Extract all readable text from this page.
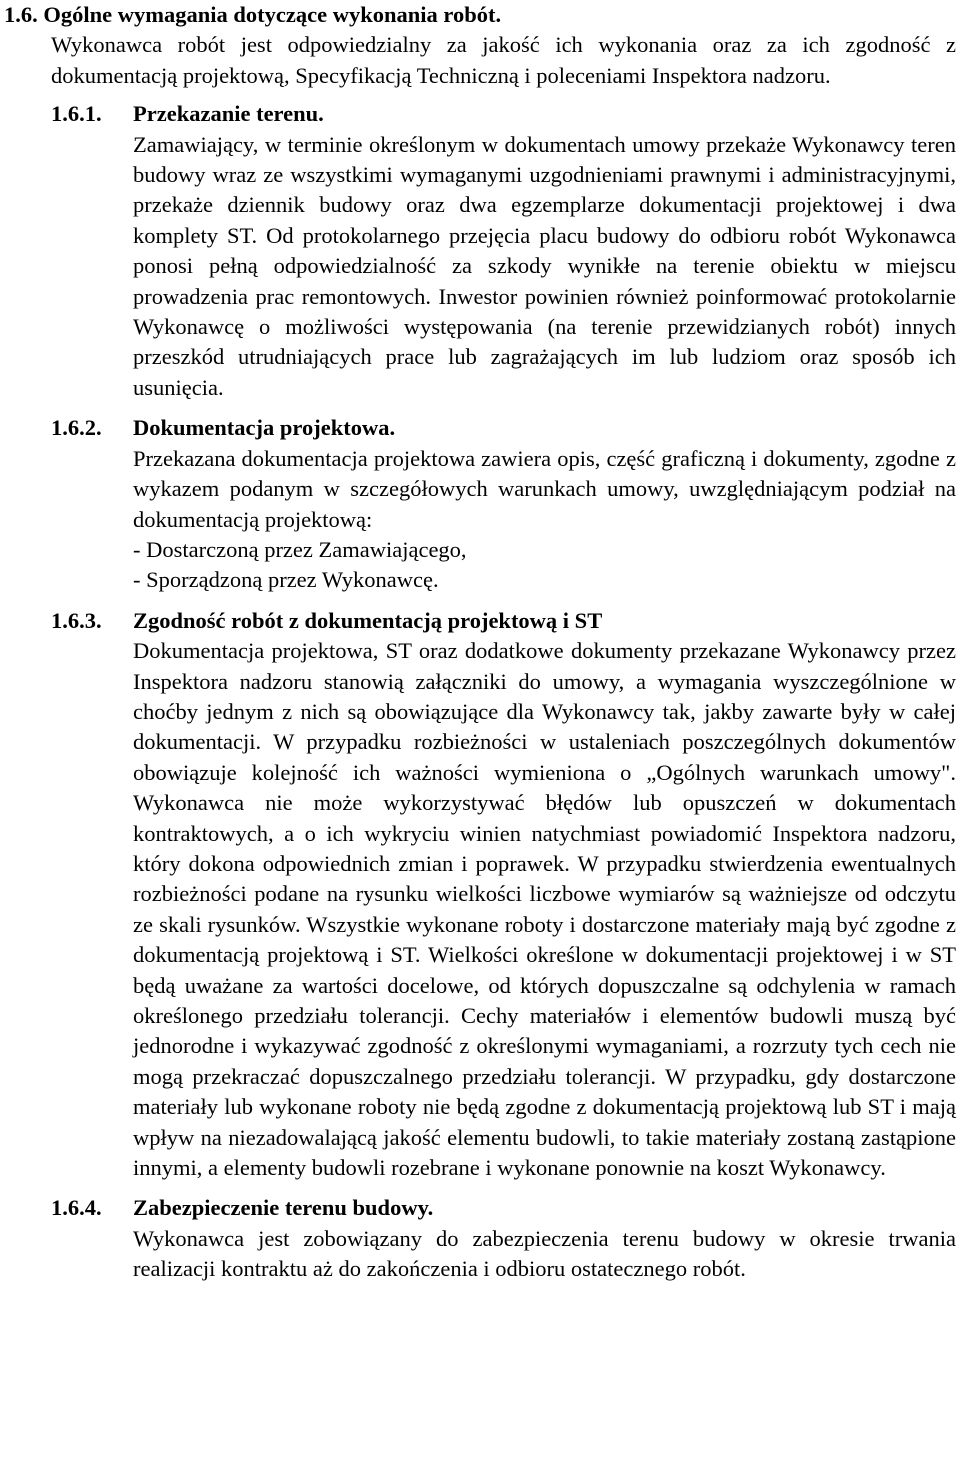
1.6. Ogólne wymagania dotyczące wykonania robót.

Wykonawca robót jest odpowiedzialny za jakość ich wykonania oraz za ich zgodność z dokumentacją projektową, Specyfikacją Techniczną i poleceniami Inspektora nadzoru.

1.6.1.	Przekazanie terenu.

Zamawiający, w terminie określonym w dokumentach umowy przekaże Wykonawcy teren budowy wraz ze wszystkimi wymaganymi uzgodnieniami prawnymi i administracyjnymi, przekaże dziennik budowy oraz dwa egzemplarze dokumentacji projektowej i dwa komplety ST. Od protokolarnego przejęcia placu budowy do odbioru robót Wykonawca ponosi pełną odpowiedzialność za szkody wynikłe na terenie obiektu w miejscu prowadzenia prac remontowych. Inwestor powinien również poinformować protokolarnie Wykonawcę o możliwości występowania (na terenie przewidzianych robót) innych przeszkód utrudniających prace lub zagrażających im lub ludziom oraz sposób ich usunięcia.

1.6.2.	Dokumentacja projektowa.

Przekazana dokumentacja projektowa zawiera opis, część graficzną i dokumenty, zgodne z wykazem podanym w szczegółowych warunkach umowy, uwzględniającym podział na dokumentacją projektową:

- Dostarczoną przez Zamawiającego,
- Sporządzoną przez Wykonawcę.

1.6.3.	Zgodność robót z dokumentacją projektową i ST

Dokumentacja projektowa, ST oraz dodatkowe dokumenty przekazane Wykonawcy przez Inspektora nadzoru stanowią załączniki do umowy, a wymagania wyszczególnione w choćby jednym z nich są obowiązujące dla Wykonawcy tak, jakby zawarte były w całej dokumentacji. W przypadku rozbieżności w ustaleniach poszczególnych dokumentów obowiązuje kolejność ich ważności wymieniona o „Ogólnych warunkach umowy". Wykonawca nie może wykorzystywać błędów lub opuszczeń w dokumentach kontraktowych, a o ich wykryciu winien natychmiast powiadomić Inspektora nadzoru, który dokona odpowiednich zmian i poprawek. W przypadku stwierdzenia ewentualnych rozbieżności podane na rysunku wielkości liczbowe wymiarów są ważniejsze od odczytu ze skali rysunków. Wszystkie wykonane roboty i dostarczone materiały mają być zgodne z dokumentacją projektową i ST. Wielkości określone w dokumentacji projektowej i w ST będą uważane za wartości docelowe, od których dopuszczalne są odchylenia w ramach określonego przedziału tolerancji. Cechy materiałów i elementów budowli muszą być jednorodne i wykazywać zgodność z określonymi wymaganiami, a rozrzuty tych cech nie mogą przekraczać dopuszczalnego przedziału tolerancji. W przypadku, gdy dostarczone materiały lub wykonane roboty nie będą zgodne z dokumentacją projektową lub ST i mają wpływ na niezadowalającą jakość elementu budowli, to takie materiały zostaną zastąpione innymi, a elementy budowli rozebrane i wykonane ponownie na koszt Wykonawcy.

1.6.4.	Zabezpieczenie terenu budowy.

Wykonawca jest zobowiązany do zabezpieczenia terenu budowy w okresie trwania realizacji kontraktu aż do zakończenia i odbioru ostatecznego robót.
